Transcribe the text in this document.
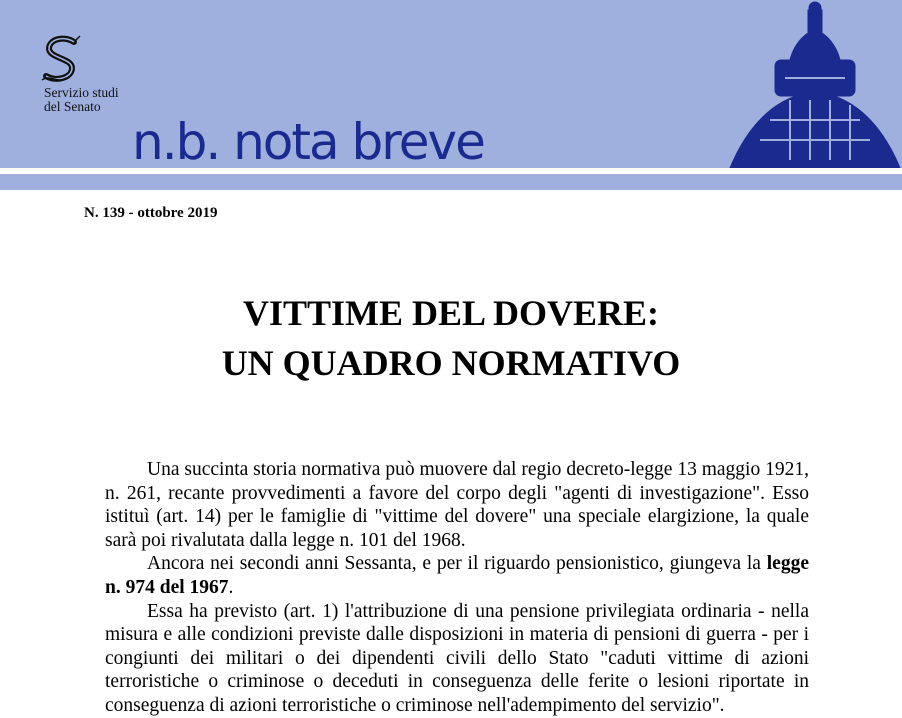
Servizio studi
del Senato
n.b. nota breve
N. 139 - ottobre 2019
VITTIME DEL DOVERE:
UN QUADRO NORMATIVO

Una succinta storia normativa può muovere dal regio decreto-legge 13 maggio 1921, n. 261, recante provvedimenti a favore del corpo degli "agenti di investigazione". Esso istituì (art. 14) per le famiglie di "vittime del dovere" una speciale elargizione, la quale sarà poi rivalutata dalla legge n. 101 del 1968.

Ancora nei secondi anni Sessanta, e per il riguardo pensionistico, giungeva la legge n. 974 del 1967.

Essa ha previsto (art. 1) l'attribuzione di una pensione privilegiata ordinaria - nella misura e alle condizioni previste dalle disposizioni in materia di pensioni di guerra - per i congiunti dei militari o dei dipendenti civili dello Stato "caduti vittime di azioni terroristiche o criminose o deceduti in conseguenza delle ferite o lesioni riportate in conseguenza di azioni terroristiche o criminose nell'adempimento del servizio".
